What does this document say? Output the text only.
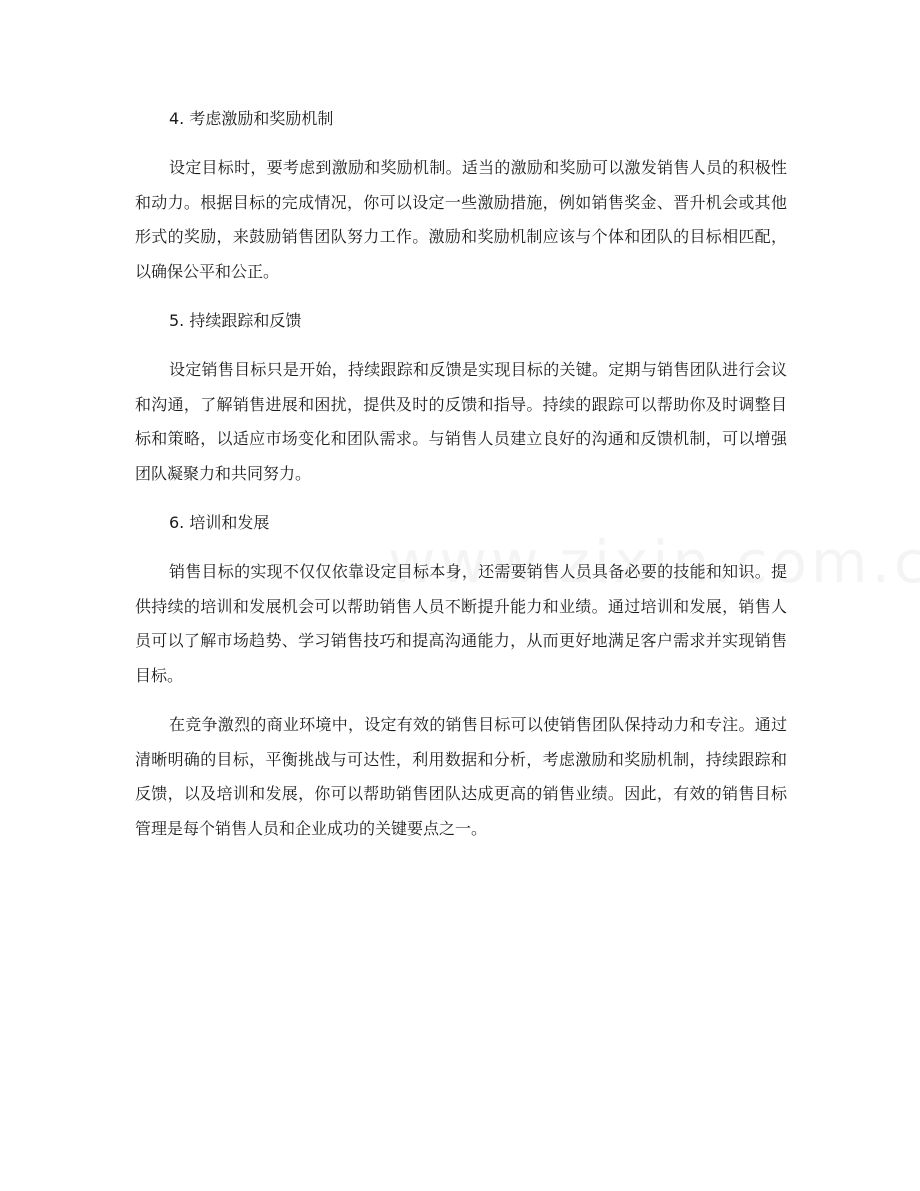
4. 考虑激励和奖励机制

设定目标时，要考虑到激励和奖励机制。适当的激励和奖励可以激发销售人员的积极性和动力。根据目标的完成情况，你可以设定一些激励措施，例如销售奖金、晋升机会或其他形式的奖励，来鼓励销售团队努力工作。激励和奖励机制应该与个体和团队的目标相匹配，以确保公平和公正。

5. 持续跟踪和反馈

设定销售目标只是开始，持续跟踪和反馈是实现目标的关键。定期与销售团队进行会议和沟通，了解销售进展和困扰，提供及时的反馈和指导。持续的跟踪可以帮助你及时调整目标和策略，以适应市场变化和团队需求。与销售人员建立良好的沟通和反馈机制，可以增强团队凝聚力和共同努力。

6. 培训和发展

销售目标的实现不仅仅依靠设定目标本身，还需要销售人员具备必要的技能和知识。提供持续的培训和发展机会可以帮助销售人员不断提升能力和业绩。通过培训和发展，销售人员可以了解市场趋势、学习销售技巧和提高沟通能力，从而更好地满足客户需求并实现销售目标。

在竞争激烈的商业环境中，设定有效的销售目标可以使销售团队保持动力和专注。通过清晰明确的目标，平衡挑战与可达性，利用数据和分析，考虑激励和奖励机制，持续跟踪和反馈，以及培训和发展，你可以帮助销售团队达成更高的销售业绩。因此，有效的销售目标管理是每个销售人员和企业成功的关键要点之一。
